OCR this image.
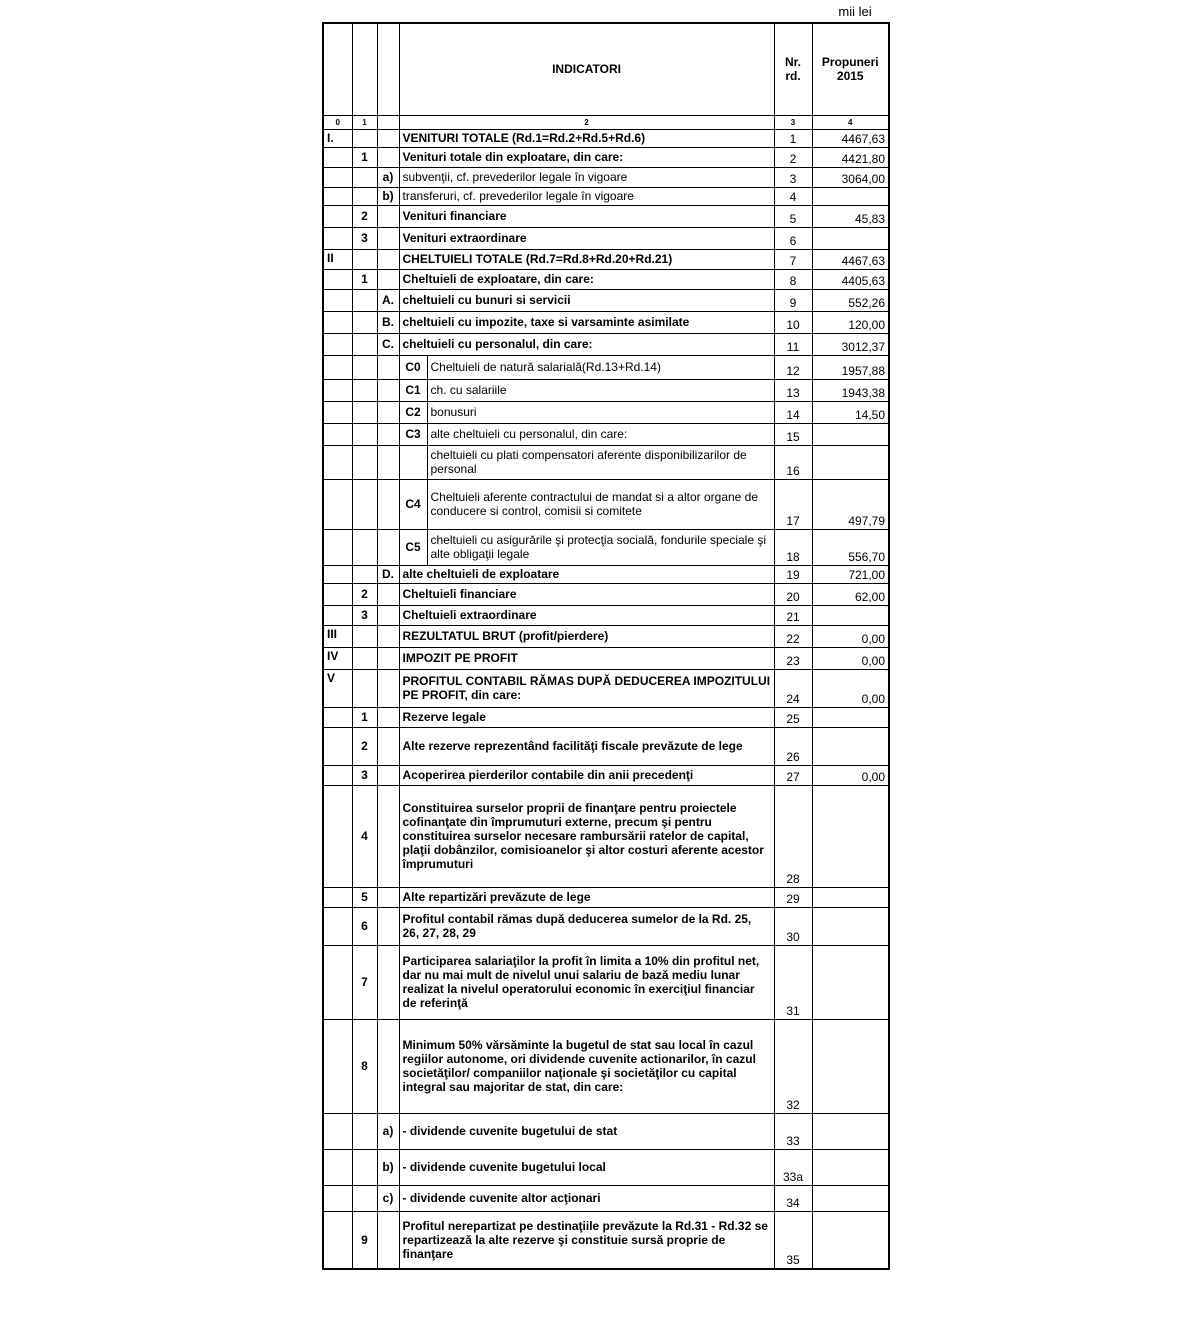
mii lei
			INDICATORI		Nr. rd.	Propuneri 2015
0	1		2		3	4
I.			VENITURI TOTALE (Rd.1=Rd.2+Rd.5+Rd.6)		1	4467,63
	1		Venituri totale din exploatare, din care:		2	4421,80
		a)	subvenţii, cf. prevederilor legale în vigoare		3	3064,00
		b)	transferuri, cf. prevederilor legale în vigoare		4	
	2		Venituri financiare		5	45,83
	3		Venituri extraordinare		6	
II			CHELTUIELI TOTALE (Rd.7=Rd.8+Rd.20+Rd.21)		7	4467,63
	1		Cheltuieli de exploatare, din care:		8	4405,63
		A.	cheltuieli cu bunuri si servicii		9	552,26
		B.	cheltuieli cu impozite, taxe si varsaminte asimilate		10	120,00
		C.	cheltuieli cu personalul, din care:		11	3012,37
			C0	Cheltuieli de natură salarială(Rd.13+Rd.14)	12	1957,88
			C1	ch. cu salariile	13	1943,38
			C2	bonusuri	14	14,50
			C3	alte cheltuieli cu personalul, din care:	15	
				cheltuieli cu plati compensatori aferente disponibilizarilor de personal	16	
			C4	Cheltuieli aferente contractului de mandat si a altor organe de conducere si control, comisii si comitete	17	497,79
			C5	cheltuieli cu asigurările şi protecţia socială, fondurile speciale şi alte obligaţii legale	18	556,70
		D.	alte cheltuieli de exploatare		19	721,00
	2		Cheltuieli financiare		20	62,00
	3		Cheltuieli extraordinare		21	
III			REZULTATUL BRUT (profit/pierdere)		22	0,00
IV			IMPOZIT PE PROFIT		23	0,00
V			PROFITUL CONTABIL RĂMAS DUPĂ DEDUCEREA IMPOZITULUI PE PROFIT, din care:		24	0,00
	1		Rezerve legale		25	
	2		Alte rezerve reprezentând facilităţi fiscale prevăzute de lege		26	
	3		Acoperirea pierderilor contabile din anii precedenţi		27	0,00
	4		Constituirea surselor proprii de finanţare pentru proiectele cofinanţate din împrumuturi externe, precum şi pentru constituirea surselor necesare rambursării ratelor de capital, plaţii dobânzilor, comisioanelor şi altor costuri aferente acestor împrumuturi		28	
	5		Alte repartizări prevăzute de lege		29	
	6		Profitul contabil rămas după deducerea sumelor de la Rd. 25, 26, 27, 28, 29		30	
	7		Participarea salariaţilor la profit în limita a 10% din profitul net, dar nu mai mult de nivelul unui salariu de bază mediu lunar realizat la nivelul operatorului economic în exerciţiul financiar de referinţă		31	
	8		Minimum 50% vărsăminte la bugetul de stat sau local în cazul regiilor autonome, ori dividende cuvenite actionarilor, în cazul societăţilor/ companiilor naţionale şi societăţilor cu capital integral sau majoritar de stat, din care:		32	
		a)	- dividende cuvenite bugetului de stat		33	
		b)	- dividende cuvenite bugetului local		33a	
		c)	- dividende cuvenite altor acţionari		34	
	9		Profitul nerepartizat pe destinaţiile prevăzute la Rd.31 - Rd.32 se repartizează la alte rezerve şi constituie sursă proprie de finanţare		35	
